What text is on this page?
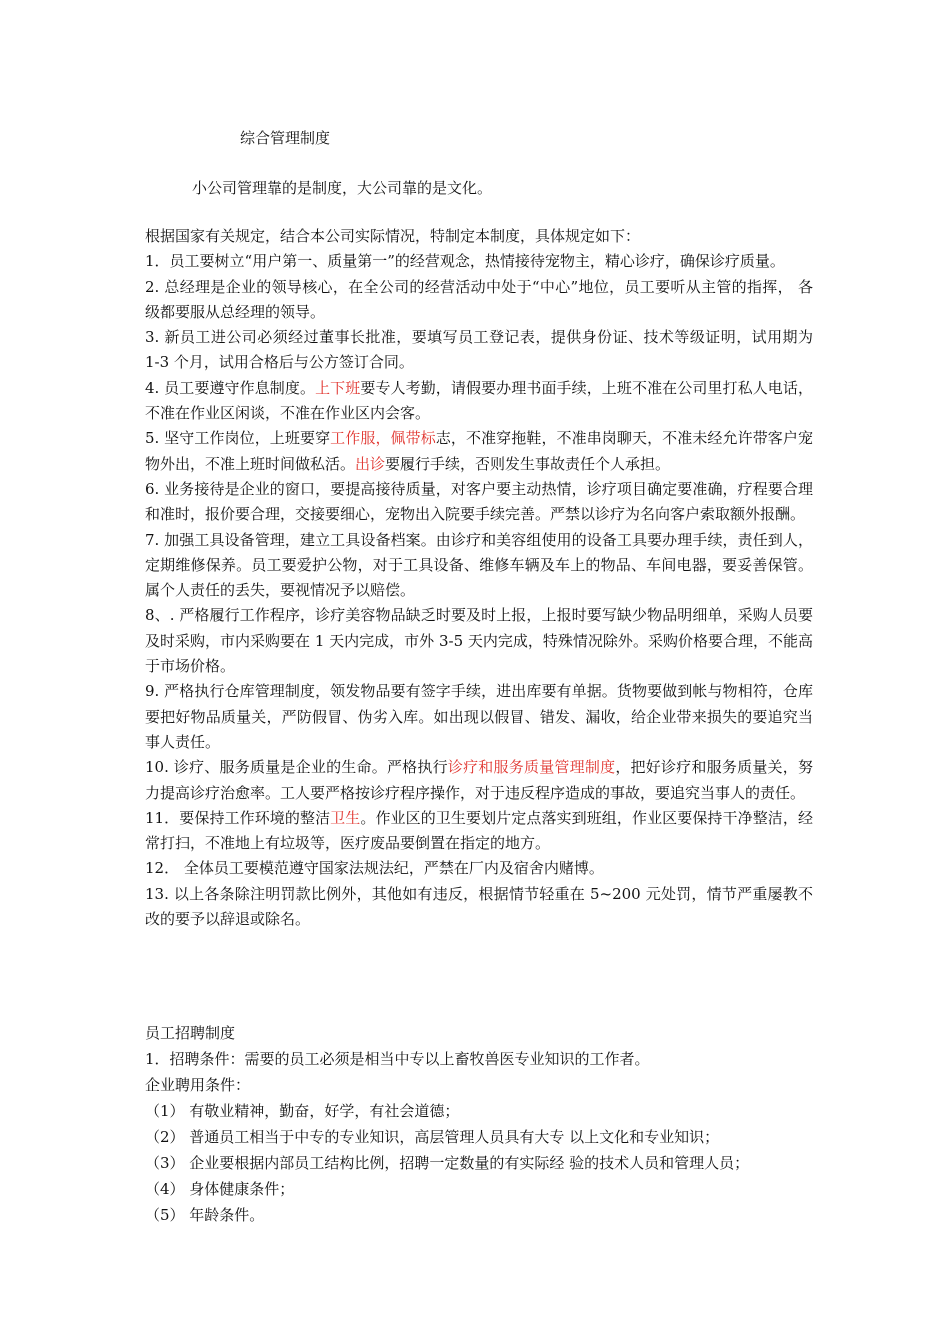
综合管理制度
小公司管理靠的是制度，大公司靠的是文化。

根据国家有关规定，结合本公司实际情况，特制定本制度，具体规定如下：

1．员工要树立“用户第一、质量第一”的经营观念，热情接待宠物主，精心诊疗，确保诊疗质量。

2. 总经理是企业的领导核心，在全公司的经营活动中处于“中心”地位，员工要听从主管的指挥， 各级都要服从总经理的领导。

3. 新员工进公司必须经过董事长批准，要填写员工登记表，提供身份证、技术等级证明，试用期为 1-3 个月，试用合格后与公方签订合同。

4. 员工要遵守作息制度。上下班要专人考勤，请假要办理书面手续，上班不准在公司里打私人电话，不准在作业区闲谈，不准在作业区内会客。

5. 坚守工作岗位，上班要穿工作服，佩带标志，不准穿拖鞋，不准串岗聊天，不准未经允许带客户宠物外出，不准上班时间做私活。出诊要履行手续，否则发生事故责任个人承担。

6. 业务接待是企业的窗口，要提高接待质量，对客户要主动热情，诊疗项目确定要准确，疗程要合理和准时，报价要合理，交接要细心，宠物出入院要手续完善。严禁以诊疗为名向客户索取额外报酬。

7. 加强工具设备管理，建立工具设备档案。由诊疗和美容组使用的设备工具要办理手续，责任到人，定期维修保养。员工要爱护公物，对于工具设备、维修车辆及车上的物品、车间电器，要妥善保管。属个人责任的丢失，要视情况予以赔偿。

8、. 严格履行工作程序，诊疗美容物品缺乏时要及时上报，上报时要写缺少物品明细单，采购人员要及时采购，市内采购要在 1 天内完成，市外 3-5 天内完成，特殊情况除外。采购价格要合理，不能高于市场价格。

9. 严格执行仓库管理制度，领发物品要有签字手续，进出库要有单据。货物要做到帐与物相符，仓库要把好物品质量关，严防假冒、伪劣入库。如出现以假冒、错发、漏收，给企业带来损失的要追究当事人责任。

10. 诊疗、服务质量是企业的生命。严格执行诊疗和服务质量管理制度，把好诊疗和服务质量关，努力提高诊疗治愈率。工人要严格按诊疗程序操作，对于违反程序造成的事故，要追究当事人的责任。

11．要保持工作环境的整洁卫生。作业区的卫生要划片定点落实到班组，作业区要保持干净整洁，经常打扫，不准地上有垃圾等，医疗废品要倒置在指定的地方。

12． 全体员工要模范遵守国家法规法纪，严禁在厂内及宿舍内赌博。

13. 以上各条除注明罚款比例外，其他如有违反，根据情节轻重在 5~200 元处罚，情节严重屡教不改的要予以辞退或除名。

员工招聘制度

1．招聘条件：需要的员工必须是相当中专以上畜牧兽医专业知识的工作者。

企业聘用条件：

（1） 有敬业精神，勤奋，好学，有社会道德；

（2） 普通员工相当于中专的专业知识，高层管理人员具有大专 以上文化和专业知识；

（3） 企业要根据内部员工结构比例，招聘一定数量的有实际经 验的技术人员和管理人员；

（4） 身体健康条件；

（5） 年龄条件。
